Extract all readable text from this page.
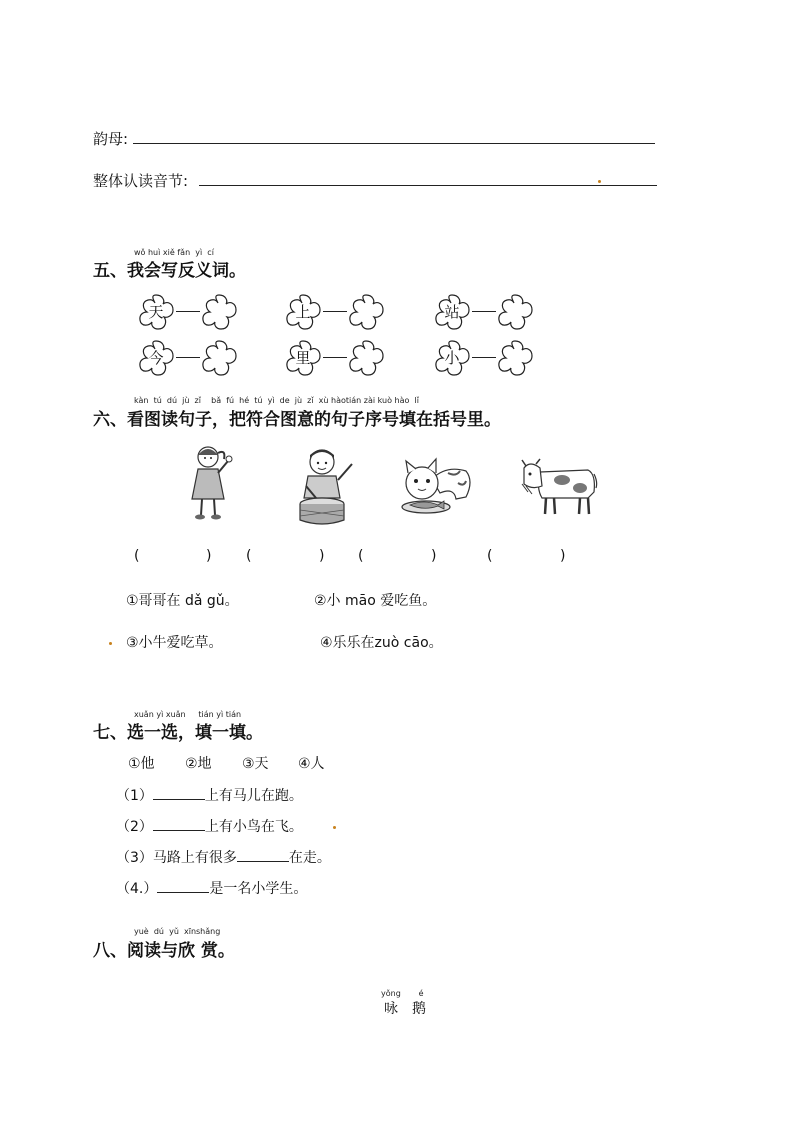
韵母:
整体认读音节:
wǒ huì xiě fǎn yì cí
五、我会写反义词。
天	上	站
今	里	小
kàn tú dú jù zǐ bǎ fú hé tú yì de jù zǐ xù hàotián zài kuò hào lǐ
六、看图读句子，把符合图意的句子序号填在括号里。
(	) (	) (	)	(	)
①哥哥在 dǎ gǔ。	②小 māo 爱吃鱼。
③小牛爱吃草。	④乐乐在zuò cāo。
xuǎn yì xuǎn tián yì tián
七、选一选，填一填。
①他 ②地 ③天 ④人
（1）	上有马儿在跑。
（2）	上有小鸟在飞。
（3）马路上有很多	在走。
（4.）	是一名小学生。
yuè dú yǔ xīnshǎng
八、阅读与欣 赏。
yǒng é
咏　鹅
